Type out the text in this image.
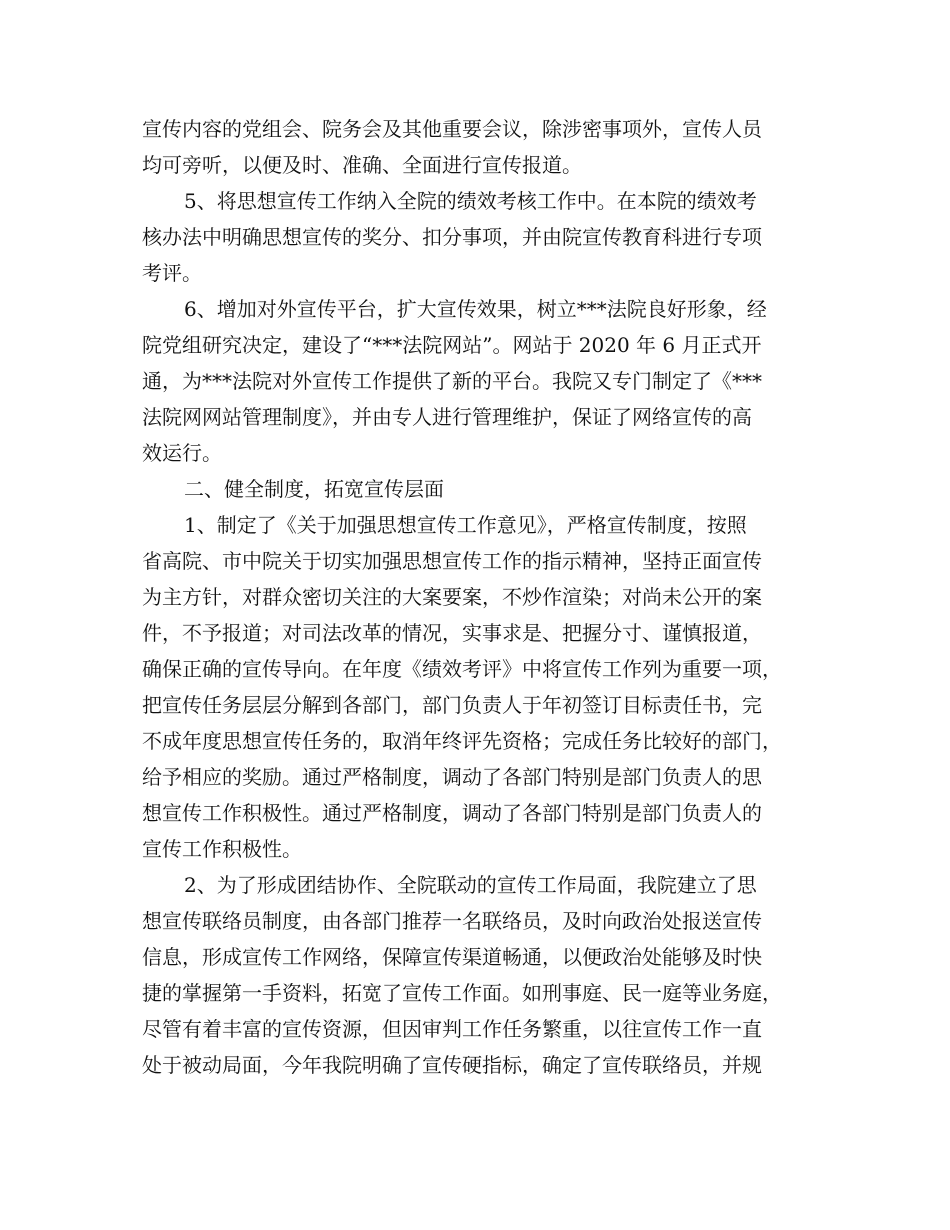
宣传内容的党组会、院务会及其他重要会议，除涉密事项外，宣传人员
均可旁听，以便及时、准确、全面进行宣传报道。
5、将思想宣传工作纳入全院的绩效考核工作中。在本院的绩效考
核办法中明确思想宣传的奖分、扣分事项，并由院宣传教育科进行专项
考评。
6、增加对外宣传平台，扩大宣传效果，树立***法院良好形象，经
院党组研究决定，建设了“***法院网站”。网站于 2020 年 6 月正式开
通，为***法院对外宣传工作提供了新的平台。我院又专门制定了《***
法院网网站管理制度》，并由专人进行管理维护，保证了网络宣传的高
效运行。
二、健全制度，拓宽宣传层面
1、制定了《关于加强思想宣传工作意见》，严格宣传制度，按照
省高院、市中院关于切实加强思想宣传工作的指示精神，坚持正面宣传
为主方针，对群众密切关注的大案要案，不炒作渲染；对尚未公开的案
件，不予报道；对司法改革的情况，实事求是、把握分寸、谨慎报道，
确保正确的宣传导向。在年度《绩效考评》中将宣传工作列为重要一项，
把宣传任务层层分解到各部门，部门负责人于年初签订目标责任书，完
不成年度思想宣传任务的，取消年终评先资格；完成任务比较好的部门，
给予相应的奖励。通过严格制度，调动了各部门特别是部门负责人的思
想宣传工作积极性。通过严格制度，调动了各部门特别是部门负责人的
宣传工作积极性。
2、为了形成团结协作、全院联动的宣传工作局面，我院建立了思
想宣传联络员制度，由各部门推荐一名联络员，及时向政治处报送宣传
信息，形成宣传工作网络，保障宣传渠道畅通，以便政治处能够及时快
捷的掌握第一手资料，拓宽了宣传工作面。如刑事庭、民一庭等业务庭，
尽管有着丰富的宣传资源，但因审判工作任务繁重，以往宣传工作一直
处于被动局面，今年我院明确了宣传硬指标，确定了宣传联络员，并规
